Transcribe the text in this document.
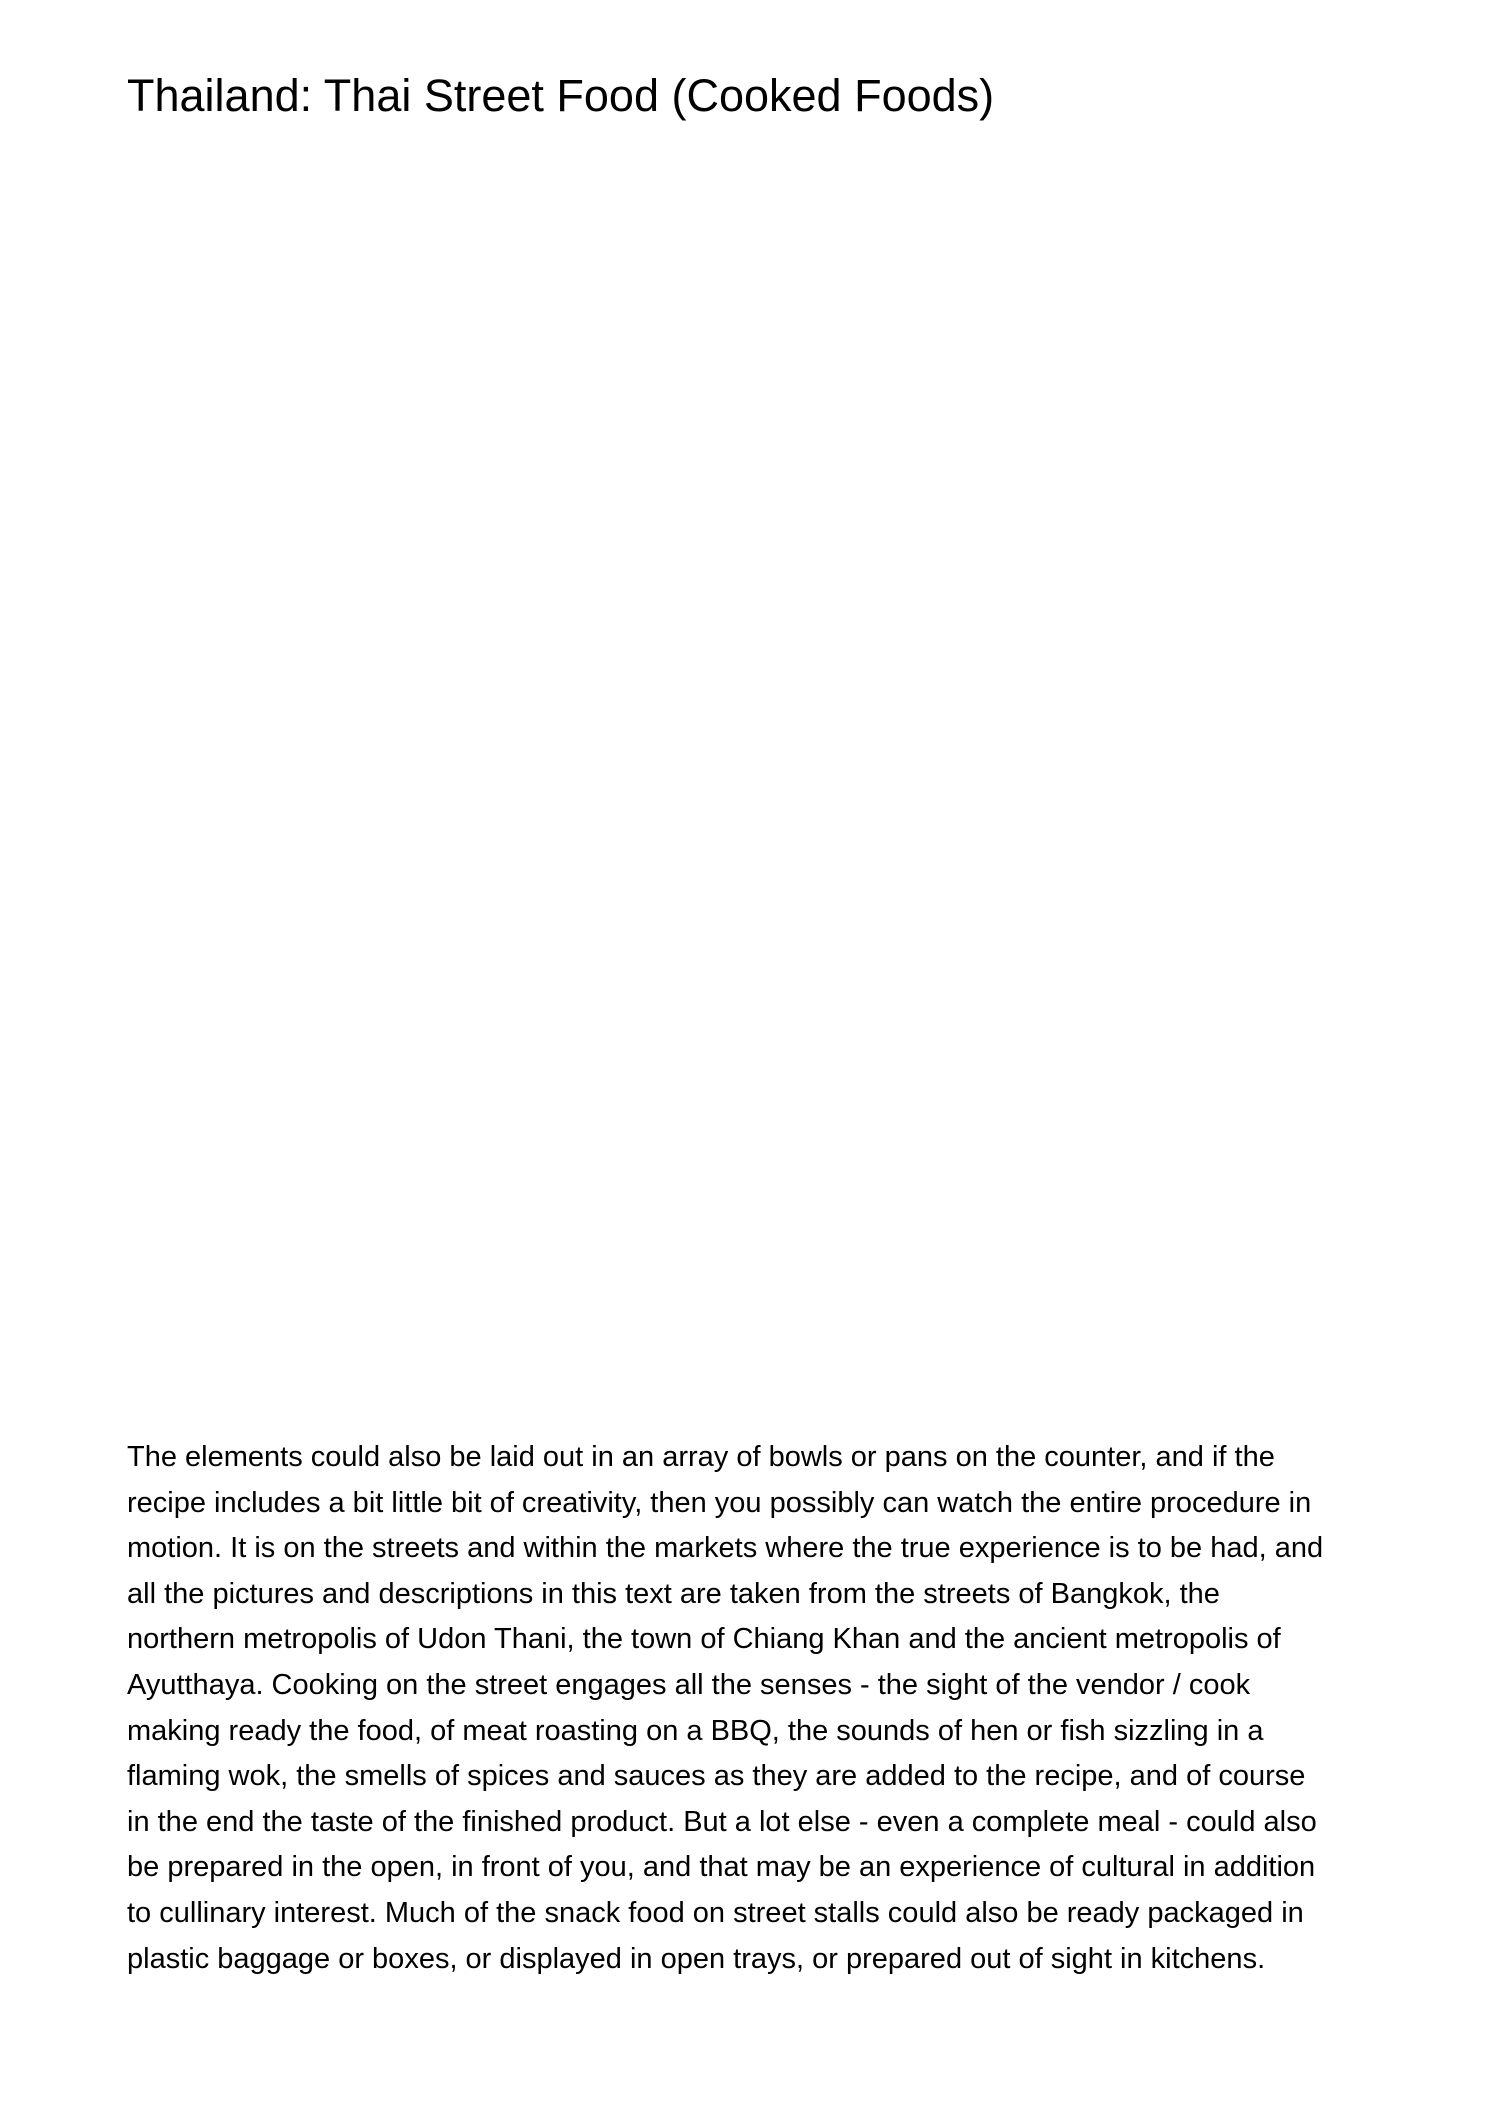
Thailand: Thai Street Food (Cooked Foods)
The elements could also be laid out in an array of bowls or pans on the counter, and if the
recipe includes a bit little bit of creativity, then you possibly can watch the entire procedure in
motion. It is on the streets and within the markets where the true experience is to be had, and
all the pictures and descriptions in this text are taken from the streets of Bangkok, the
northern metropolis of Udon Thani, the town of Chiang Khan and the ancient metropolis of
Ayutthaya. Cooking on the street engages all the senses - the sight of the vendor / cook
making ready the food, of meat roasting on a BBQ, the sounds of hen or fish sizzling in a
flaming wok, the smells of spices and sauces as they are added to the recipe, and of course
in the end the taste of the finished product. But a lot else - even a complete meal - could also
be prepared in the open, in front of you, and that may be an experience of cultural in addition
to cullinary interest. Much of the snack food on street stalls could also be ready packaged in
plastic baggage or boxes, or displayed in open trays, or prepared out of sight in kitchens.
